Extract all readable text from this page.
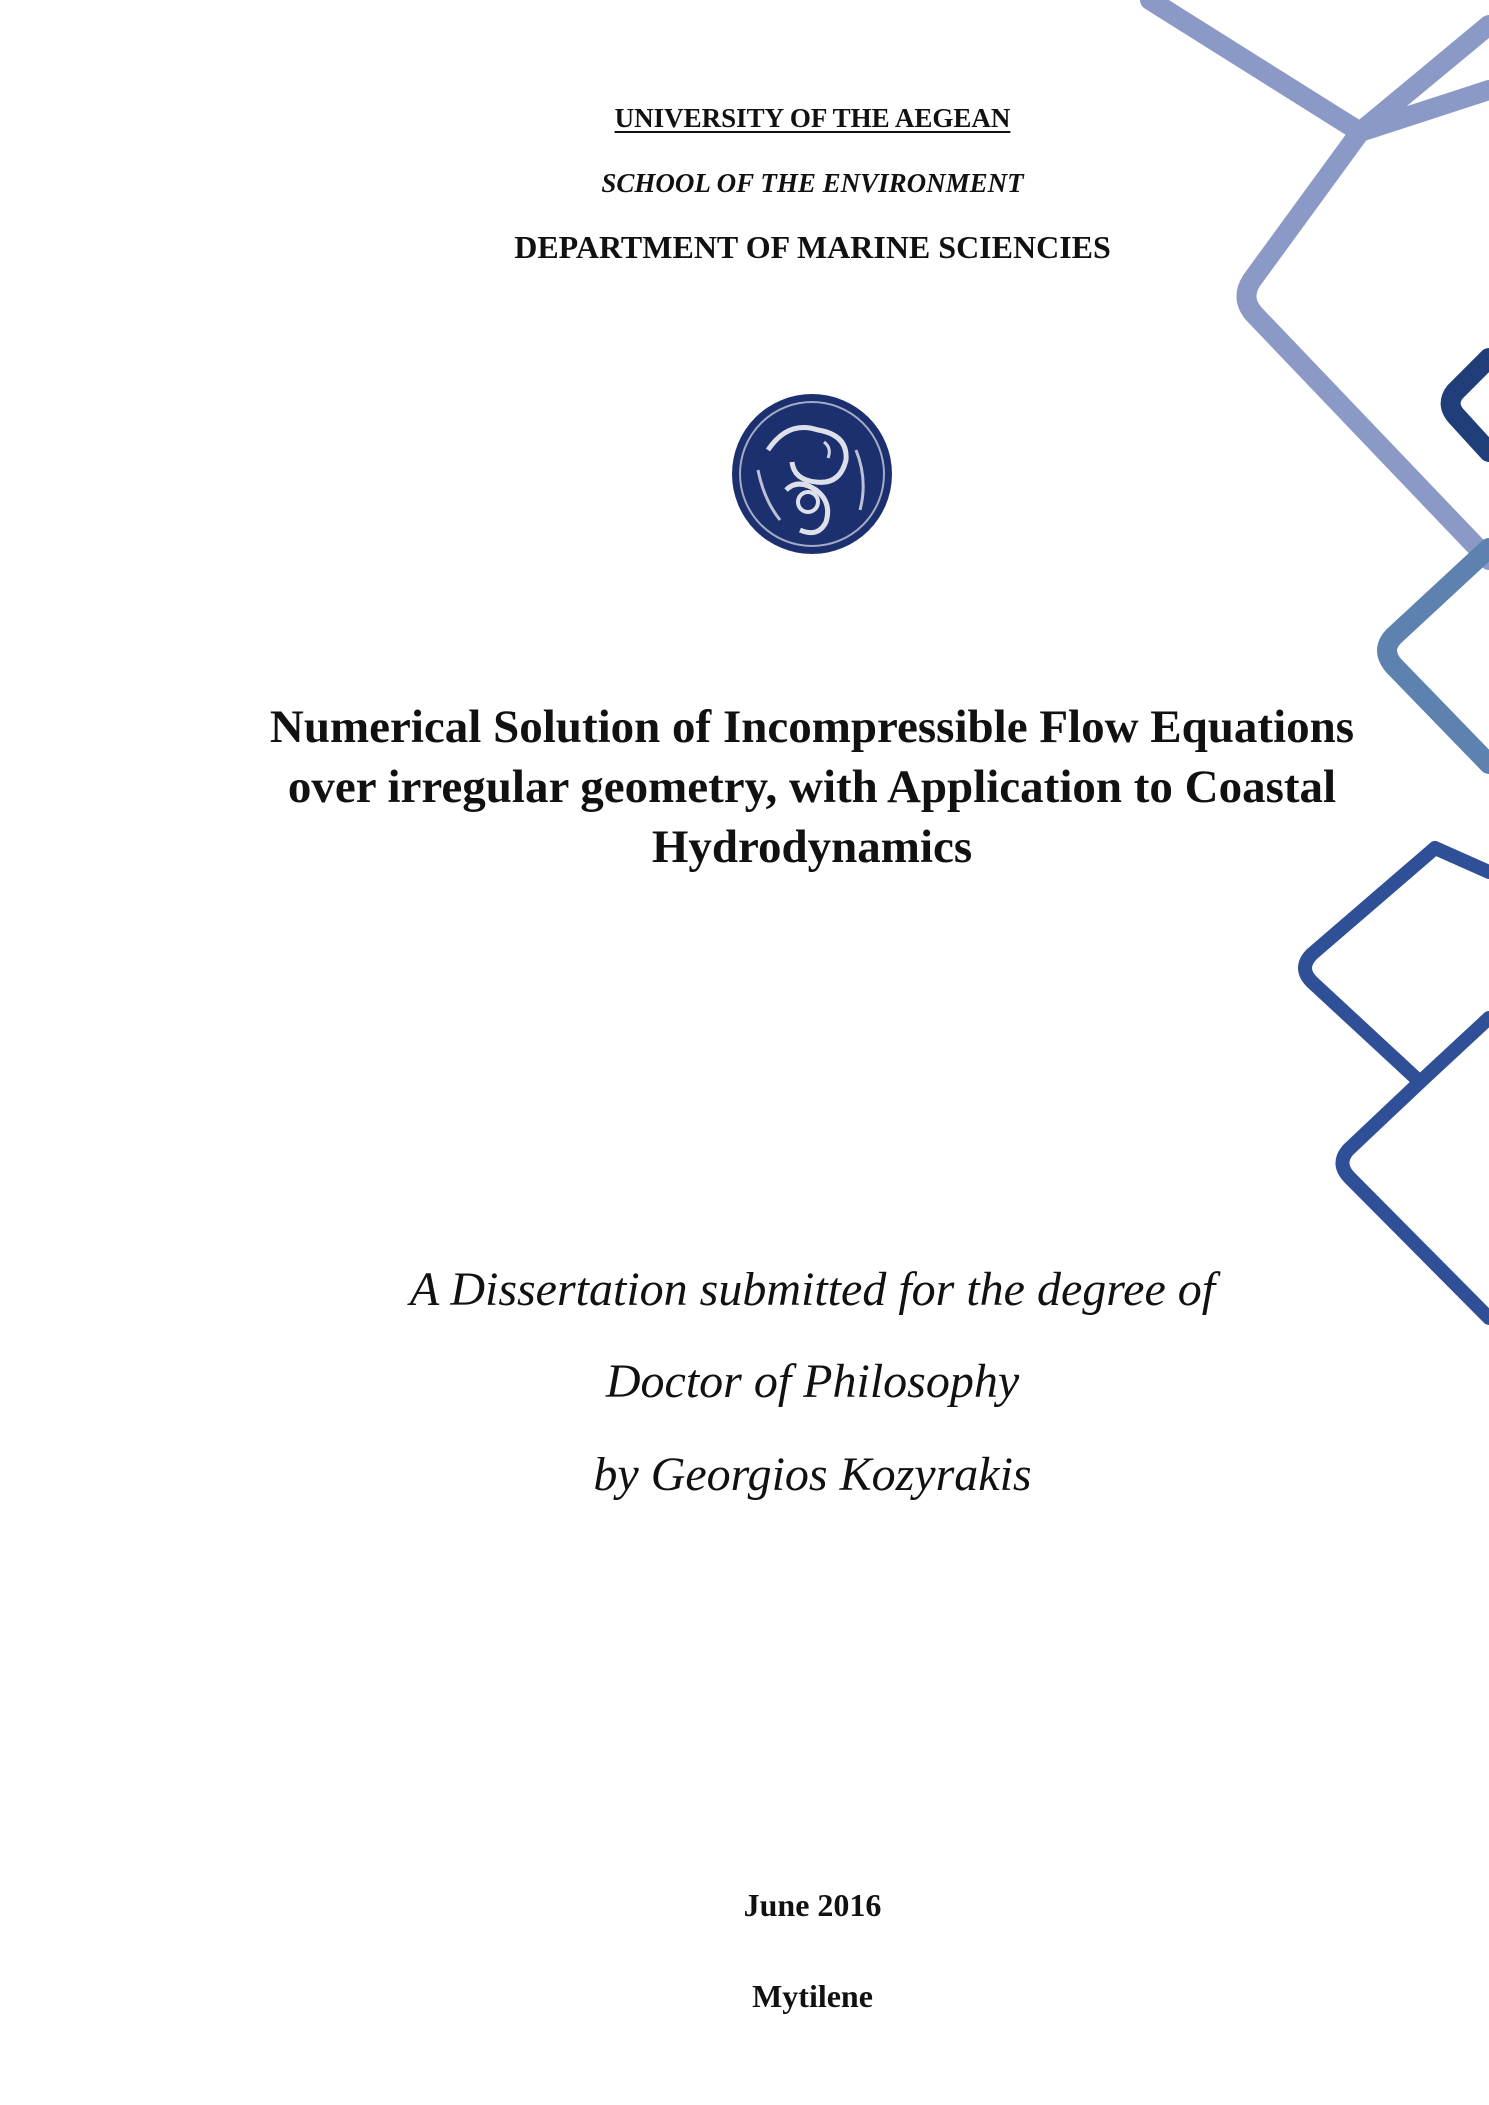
UNIVERSITY OF THE AEGEAN
SCHOOL OF THE ENVIRONMENT
DEPARTMENT OF MARINE SCIENCIES
Numerical Solution of Incompressible Flow Equations
over irregular geometry, with Application to Coastal
Hydrodynamics
A Dissertation submitted for the degree of
Doctor of Philosophy
by Georgios Kozyrakis
June 2016
Mytilene
